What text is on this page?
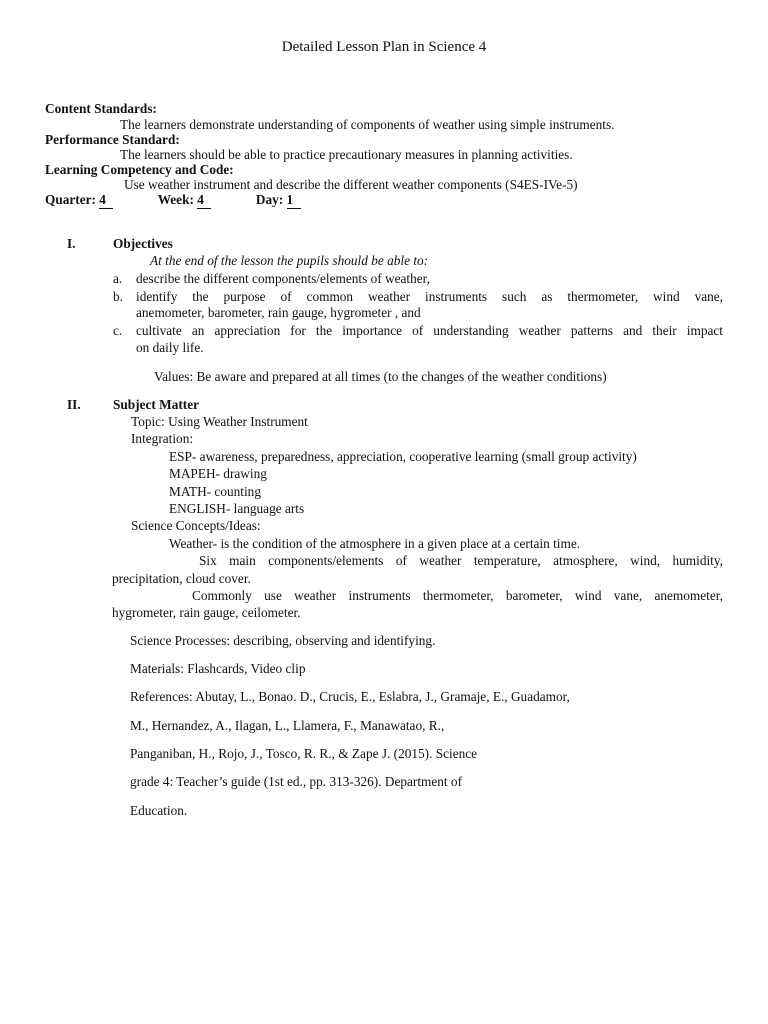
Detailed Lesson Plan in Science 4
Content Standards:
The learners demonstrate understanding of components of weather using simple instruments.
Performance Standard:
The learners should be able to practice precautionary measures in planning activities.
Learning Competency and Code:
Use weather instrument and describe the different weather components (S4ES-IVe-5)
Quarter: 4	Week: 4	Day: 1
I.	Objectives
At the end of the lesson the pupils should be able to:
a. describe the different components/elements of weather,
b. identify the purpose of common weather instruments such as thermometer, wind vane,
anemometer, barometer, rain gauge, hygrometer , and
c. cultivate an appreciation for the importance of understanding weather patterns and their impact
on daily life.
Values: Be aware and prepared at all times (to the changes of the weather conditions)
II. Subject Matter
Topic: Using Weather Instrument
Integration:
ESP- awareness, preparedness, appreciation, cooperative learning (small group activity)
MAPEH- drawing
MATH- counting
ENGLISH- language arts
Science Concepts/Ideas:
Weather- is the condition of the atmosphere in a given place at a certain time.
Six main components/elements of weather temperature, atmosphere, wind, humidity,
precipitation, cloud cover.
Commonly use weather instruments thermometer, barometer, wind vane, anemometer,
hygrometer, rain gauge, ceilometer.
Science Processes: describing, observing and identifying.
Materials: Flashcards, Video clip
References: Abutay, L., Bonao. D., Crucis, E., Eslabra, J., Gramaje, E., Guadamor,
M., Hernandez, A., Ilagan, L., Llamera, F., Manawatao, R.,
Panganiban, H., Rojo, J., Tosco, R. R., & Zape J. (2015). Science
grade 4: Teacher’s guide (1st ed., pp. 313-326). Department of
Education.
